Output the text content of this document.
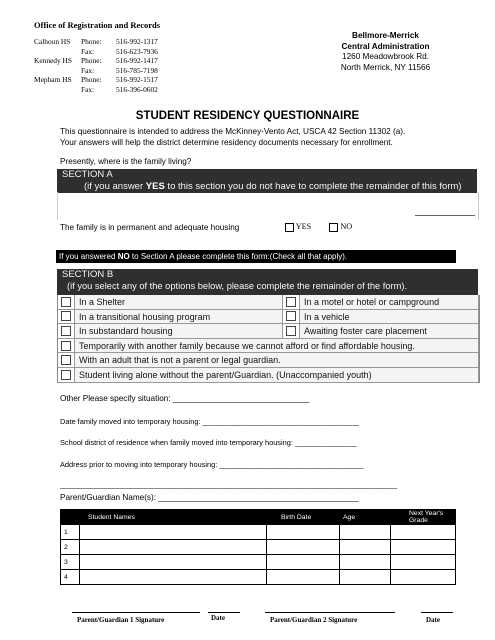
Office of Registration and Records
Calhoun HS	Phone:	516-992-1317
Fax:	516-623-7936
Kennedy HS	Phone:	516-992-1417
Fax:	516-785-7198
Mepham HS	Phone:	516-992-1517
Fax:	516-396-0602
Bellmore-Merrick
Central Administration
1260 Meadowbrook Rd.
North Merrick, NY 11566
STUDENT RESIDENCY QUESTIONNAIRE
This questionnaire is intended to address the McKinney-Vento Act, USCA 42 Section 11302 (a).
Your answers will help the district determine residency documents necessary for enrollment.
Presently, where is the family living?
SECTION A
(if you answer YES to this section you do not have to complete the remainder of this form)
The family is in permanent and adequate housing	YES	NO
If you answered NO to Section A please complete this form:(Check all that apply).
SECTION B
(if you select any of the options below, please complete the remainder of the form).
In a Shelter	In a motel or hotel or campground
In a transitional housing program	In a vehicle
In substandard housing	Awaiting foster care placement
Temporarily with another family because we cannot afford or find affordable housing.
With an adult that is not a parent or legal guardian.
Student living alone without the parent/Guardian. (Unaccompanied youth)
Other Please specify situation: ______________________________
Date family moved into temporary housing: ______________________________________
School district of residence when family moved into temporary housing: _______________
Address prior to moving into temporary housing: ___________________________________
__________________________________________________________________________________
Parent/Guardian Name(s): ____________________________________________
	Student Names	Birth Date	Age	Next Year's Grade
1				
2				
3				
4				
Parent/Guardian 1 Signature	Date	Parent/Guardian 2 Signature	Date
